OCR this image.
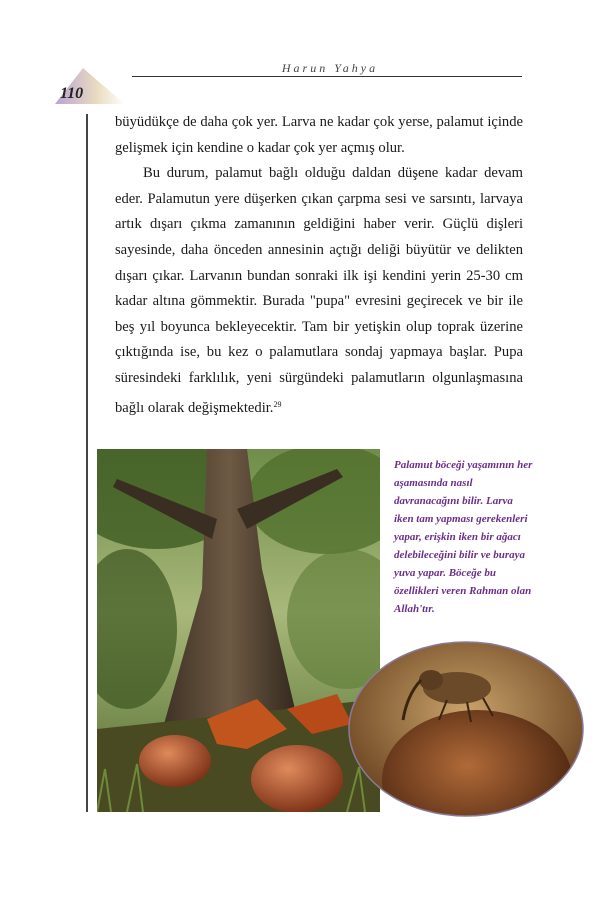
Harun Yahya
110

büyüdükçe de daha çok yer. Larva ne kadar çok yerse, palamut içinde gelişmek için kendine o kadar çok yer açmış olur.

Bu durum, palamut bağlı olduğu daldan düşene kadar devam eder. Palamutun yere düşerken çıkan çarpma sesi ve sarsıntı, larvaya artık dışarı çıkma zamanının geldiğini haber verir. Güçlü dişleri sayesinde, daha önceden annesinin açtığı deliği büyütür ve delikten dışarı çıkar. Larvanın bundan sonraki ilk işi kendini yerin 25-30 cm kadar altına gömmektir. Burada "pupa" evresini geçirecek ve bir ile beş yıl boyunca bekleyecektir. Tam bir yetişkin olup toprak üzerine çıktığında ise, bu kez o palamutlara sondaj yapmaya başlar. Pupa süresindeki farklılık, yeni sürgündeki palamutların olgunlaşmasına bağlı olarak değişmektedir.$^{29}$

Palamut böceği yaşamının her aşamasında nasıl davranacağını bilir. Larva iken tam yapması gerekenleri yapar, erişkin iken bir ağacı delebileceğini bilir ve buraya yuva yapar. Böceğe bu özellikleri veren Rahman olan Allah'tır.
